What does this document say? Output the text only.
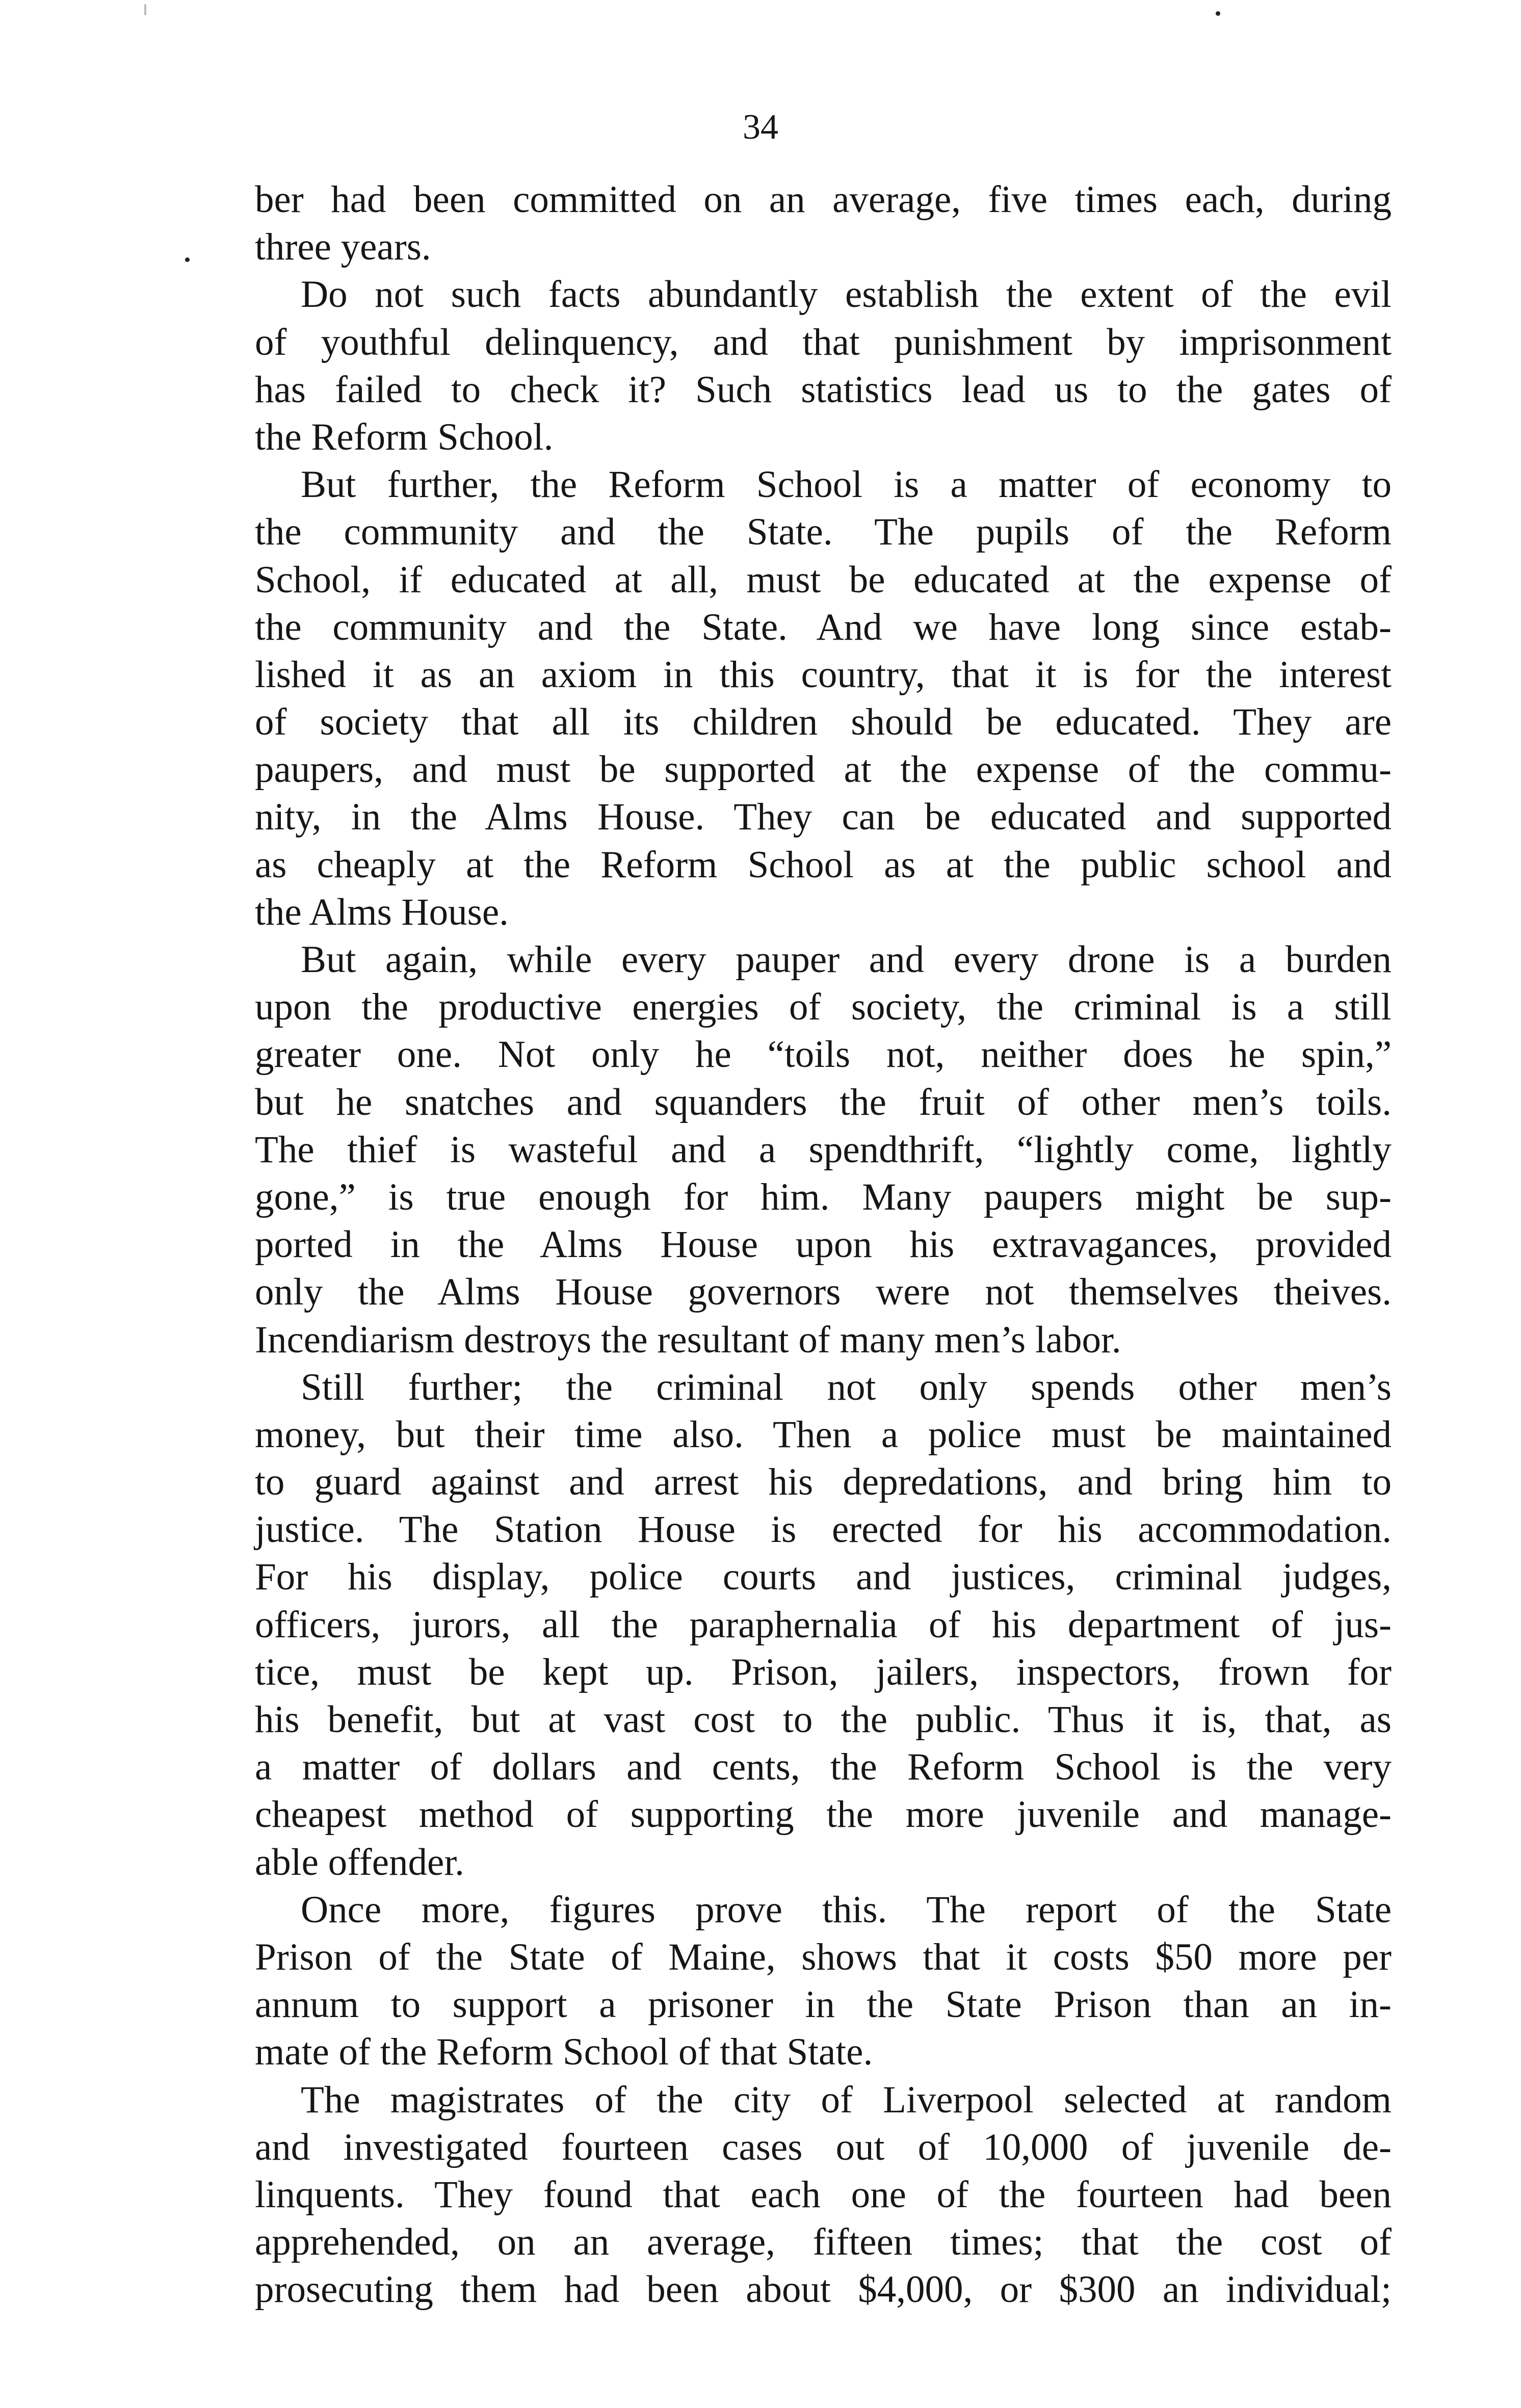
34
ber had been committed on an average, five times each, during
three years.
Do not such facts abundantly establish the extent of the evil
of youthful delinquency, and that punishment by imprisonment
has failed to check it? Such statistics lead us to the gates of
the Reform School.
But further, the Reform School is a matter of economy to
the community and the State. The pupils of the Reform
School, if educated at all, must be educated at the expense of
the community and the State. And we have long since estab-
lished it as an axiom in this country, that it is for the interest
of society that all its children should be educated. They are
paupers, and must be supported at the expense of the commu-
nity, in the Alms House. They can be educated and supported
as cheaply at the Reform School as at the public school and
the Alms House.
But again, while every pauper and every drone is a burden
upon the productive energies of society, the criminal is a still
greater one. Not only he “toils not, neither does he spin,”
but he snatches and squanders the fruit of other men’s toils.
The thief is wasteful and a spendthrift, “lightly come, lightly
gone,” is true enough for him. Many paupers might be sup-
ported in the Alms House upon his extravagances, provided
only the Alms House governors were not themselves theives.
Incendiarism destroys the resultant of many men’s labor.
Still further; the criminal not only spends other men’s
money, but their time also. Then a police must be maintained
to guard against and arrest his depredations, and bring him to
justice. The Station House is erected for his accommodation.
For his display, police courts and justices, criminal judges,
officers, jurors, all the paraphernalia of his department of jus-
tice, must be kept up. Prison, jailers, inspectors, frown for
his benefit, but at vast cost to the public. Thus it is, that, as
a matter of dollars and cents, the Reform School is the very
cheapest method of supporting the more juvenile and manage-
able offender.
Once more, figures prove this. The report of the State
Prison of the State of Maine, shows that it costs $50 more per
annum to support a prisoner in the State Prison than an in-
mate of the Reform School of that State.
The magistrates of the city of Liverpool selected at random
and investigated fourteen cases out of 10,000 of juvenile de-
linquents. They found that each one of the fourteen had been
apprehended, on an average, fifteen times; that the cost of
prosecuting them had been about $4,000, or $300 an individual;
